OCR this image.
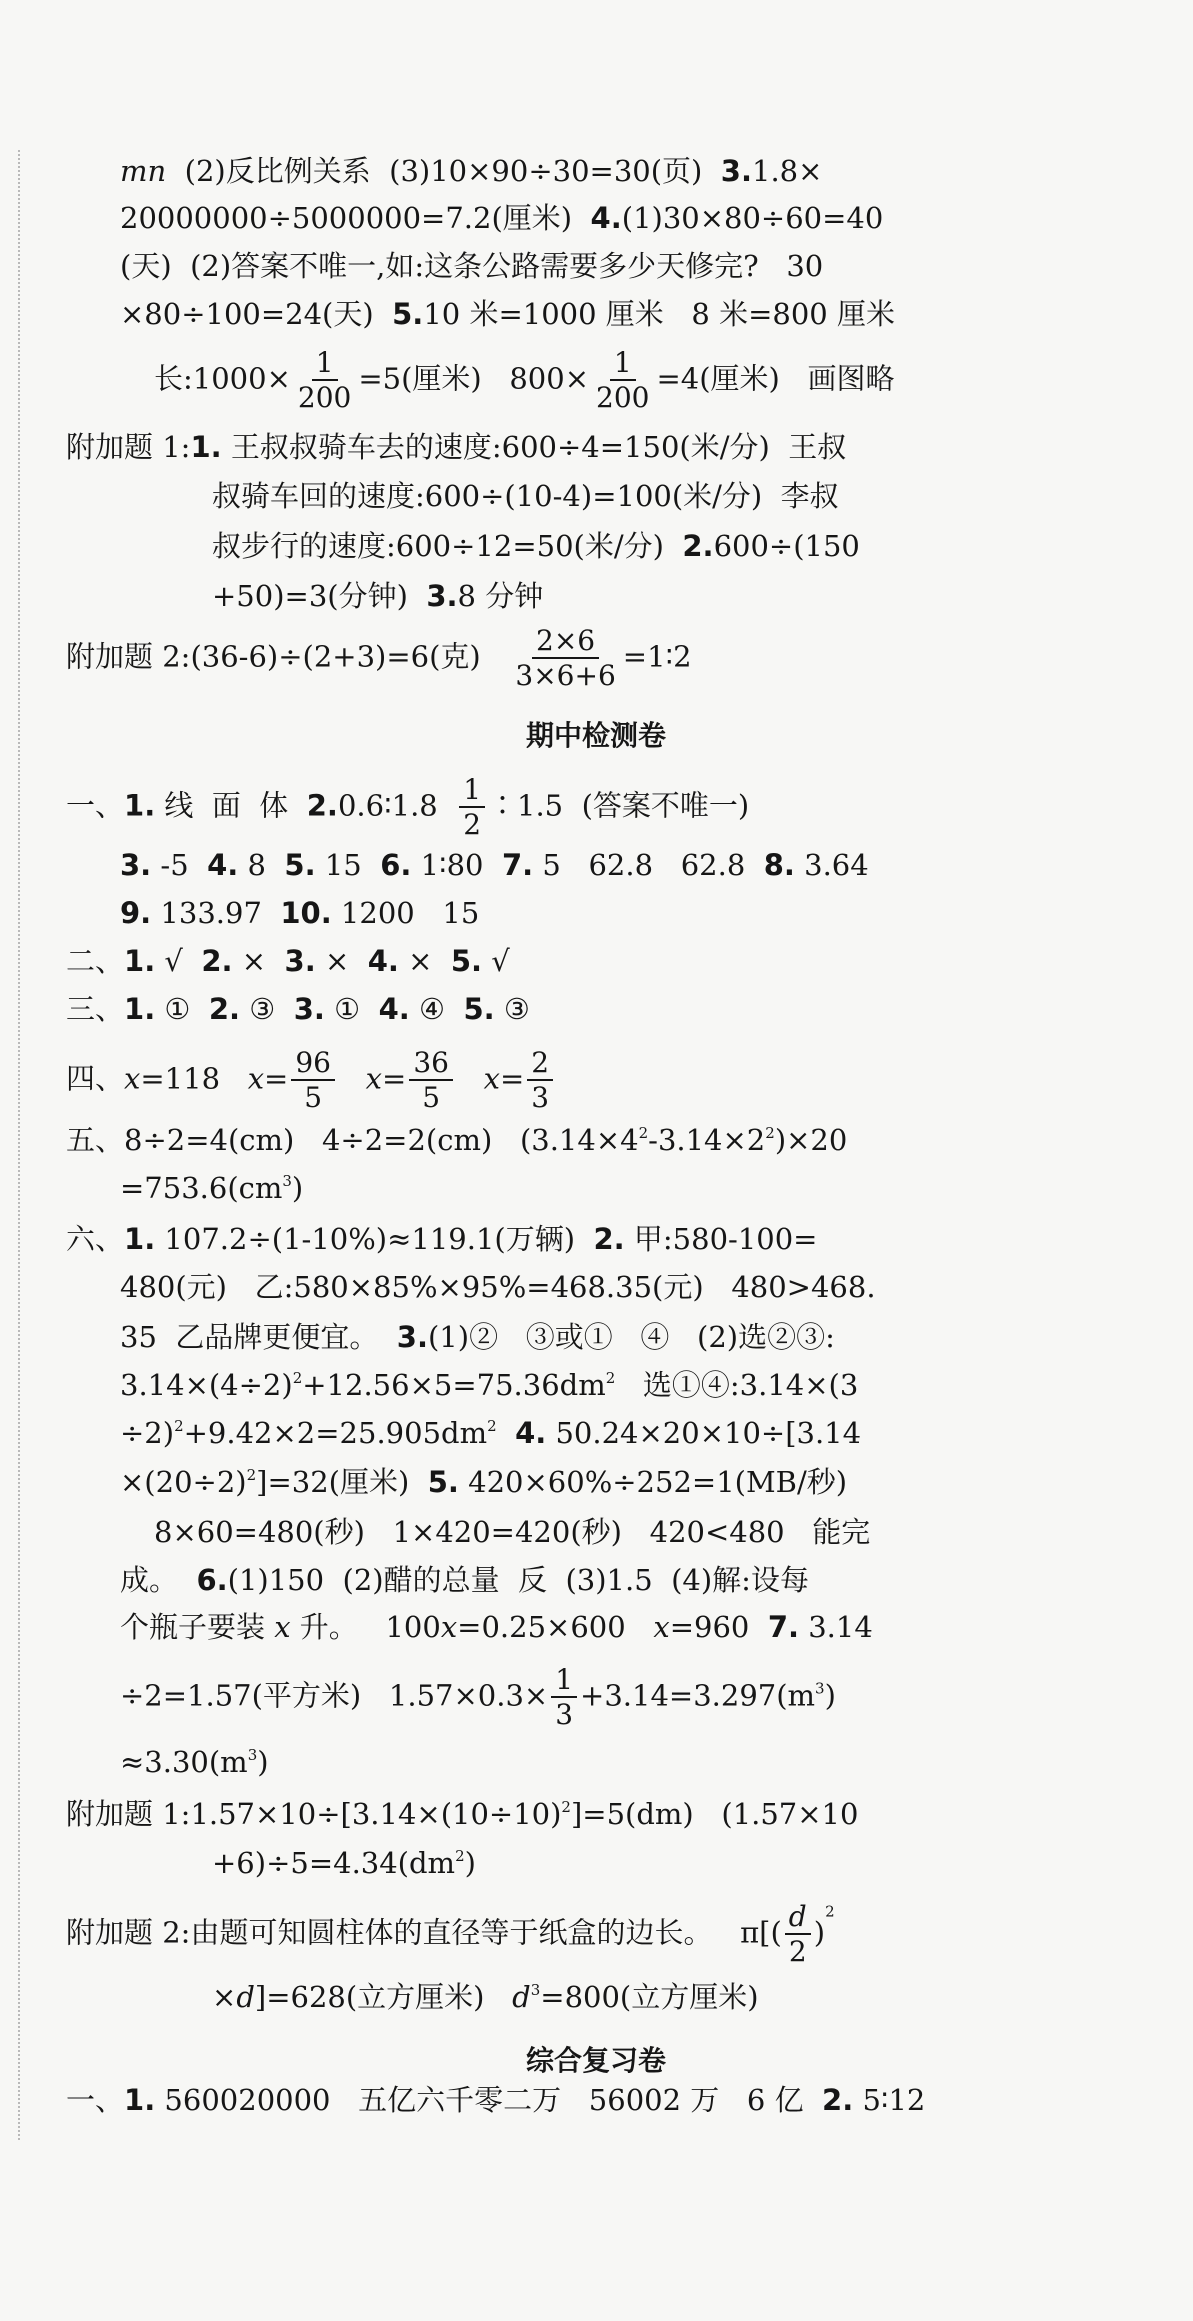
mn  (2)反比例关系  (3)10×90÷30=30(页)  3.1.8×
20000000÷5000000=7.2(厘米)  4.(1)30×80÷60=40
(天)  (2)答案不唯一,如:这条公路需要多少天修完?   30
×80÷100=24(天)  5.10 米=1000 厘米   8 米=800 厘米
长:1000× $\frac{1}{200} =5$(厘米)   $800\times \frac{1}{200} =4$(厘米)   画图略
附加题 1:1. 王叔叔骑车去的速度:600÷4=150(米/分)  王叔
叔骑车回的速度:600÷(10-4)=100(米/分)  李叔
叔步行的速度:600÷12=50(米/分)  2.600÷(150
+50)=3(分钟)  3.8 分钟
附加题 2:(36-6)÷(2+3)=6(克) $\frac{2\times 6}{3\times 6+6}$ =1∶2
期中检测卷
一、1. 线  面  体  2.0.6∶1.8 $\frac{1}{2}$ ∶1.5  (答案不唯一)
3. -5  4. 8  5. 15  6. 1∶80  7. 5   62.8   62.8  8. 3.64
9. 133.97  10. 1200   15
二、1. √  2. ×  3. ×  4. ×  5. √
三、1. ①  2. ③  3. ①  4. ④  5. ③
四、x=118   $x= \frac{96}{5} x= \frac{36}{5} x= \frac{2}{3}$
五、8÷2=4(cm)   4÷2=2(cm)   $(3.14\times 4^2-3.14\times 2^2)\times 20$
$=753.6(cm^3)$
六、1. 107.2÷(1-10%)≈119.1(万辆)  2. 甲:580-100=
480(元)   乙:580×85%×95%=468.35(元)   480>468.
35  乙品牌更便宜。  3.(1)②   ③或①   ④   (2)选②③:
$3.14\times(4\div 2)^2+12.56\times 5=75.36dm^2$   选①④:3.14×(3
$\div 2)^2+9.42\times 2=25.905dm^2$ 4. 50.24×20×10÷[3.14
$\times(20\div 2)^2]=32$(厘米)  5. 420×60%÷252=1(MB/秒)
8×60=480(秒)   1×420=420(秒)   420<480   能完
成。  6.(1)150  (2)醋的总量  反  (3)1.5  (4)解:设每
个瓶子要装 x 升。   100x=0.25×600   x=960  7. 3.14
÷2=1.57(平方米)   $1.57\times 0.3\times \frac{1}{3} +3.14=3.297(m^3)$
$\approx 3.30(m^3)$
附加题 $1:1.57\times 10\div[3.14\times(10\div 10)^2]=5(dm)$   (1.57×10
$+6)\div 5=4.34(dm^2)$
附加题 2:由题可知圆柱体的直径等于纸盒的边长。   $\pi[( \frac{d}{2} )^2$
×d]=628(立方厘米)   $d^3=800$(立方厘米)
综合复习卷
一、1. 560020000   五亿六千零二万   56002 万   6 亿  2. 5∶12
